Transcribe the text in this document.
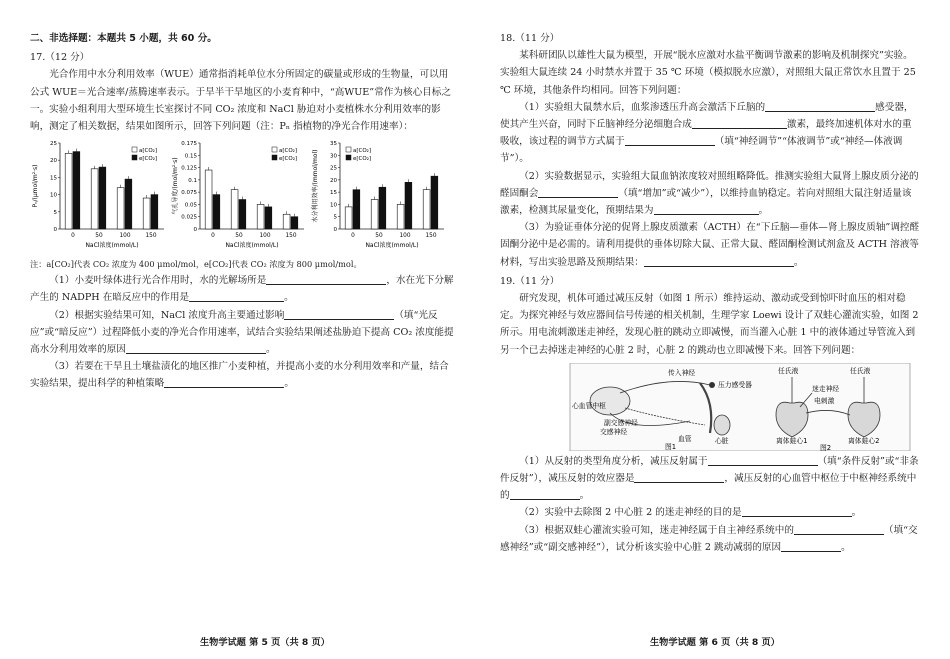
二、非选择题：本题共 5 小题，共 60 分。
17.（12 分）

光合作用中水分利用效率（WUE）通常指消耗单位水分所固定的碳量或形成的生物量，可以用公式 WUE＝光合速率/蒸腾速率表示。于旱半干旱地区的小麦育种中，“高WUE”常作为核心目标之一。实验小组利用大型环境生长室探讨不同 CO₂ 浓度和 NaCl 胁迫对小麦植株水分利用效率的影响，测定了相关数据，结果如图所示，回答下列问题（注：Pₙ 指植物的净光合作用速率）：

0
5
10
15
20
25
Pₙ/(μmol/m²·s)
0	50	100	150
NaCl浓度(mmol/L)
a[CO₂]
e[CO₂]
0
0.025
0.05
0.075
0.1
0.125
0.15
0.175
气孔导度/(mol/m²·s)
0	50	100	150
NaCl浓度(mmol/L)
a[CO₂]
e[CO₂]
0
5
10
15
20
25
30
35
水分利用效率/(mmol/mol)
0	50	100	150
NaCl浓度(mmol/L)
a[CO₂]
e[CO₂]
注：a[CO₂]代表 CO₂ 浓度为 400 μmol/mol，e[CO₂]代表 CO₂ 浓度为 800 μmol/mol。

（1）小麦叶绿体进行光合作用时，水的光解场所是	，水在光下分解产生的 NADPH 在暗反应中的作用是	。

（2）根据实验结果可知，NaCl 浓度升高主要通过影响	（填“光反应”或“暗反应”）过程降低小麦的净光合作用速率，试结合实验结果阐述盐胁迫下提高 CO₂ 浓度能提高水分利用效率的原因	。

（3）若要在干旱且土壤盐渍化的地区推广小麦种植，并提高小麦的水分利用效率和产量，结合实验结果，提出科学的种植策略	。

生物学试题 第 5 页（共 8 页）
18.（11 分）

某科研团队以雄性大鼠为模型，开展“脱水应激对水盐平衡调节激素的影响及机制探究”实验。实验组大鼠连续 24 小时禁水并置于 35 ℃ 环境（模拟脱水应激），对照组大鼠正常饮水且置于 25 ℃ 环境，其他条件均相同。回答下列问题：

（1）实验组大鼠禁水后，血浆渗透压升高会激活下丘脑的	感受器，使其产生兴奋，同时下丘脑神经分泌细胞合成	激素，最终加速机体对水的重吸收，该过程的调节方式属于	（填“神经调节”“体液调节”或“神经—体液调节”）。

（2）实验数据显示，实验组大鼠血钠浓度较对照组略降低。推测实验组大鼠肾上腺皮质分泌的醛固酮会	（填“增加”或“减少”），以维持血钠稳定。若向对照组大鼠注射适量该激素，检测其尿量变化，预期结果为	。

（3）为验证垂体分泌的促肾上腺皮质激素（ACTH）在“下丘脑—垂体—肾上腺皮质轴”调控醛固酮分泌中是必需的。请利用提供的垂体切除大鼠、正常大鼠、醛固酮检测试剂盒及 ACTH 溶液等材料，写出实验思路及预期结果：	。

19.（11 分）

研究发现，机体可通过减压反射（如图 1 所示）维持运动、激动或受到惊吓时血压的相对稳定。为探究神经与效应器间信号传递的相关机制，生理学家 Loewi 设计了双蛙心灌流实验，如图 2 所示。用电流刺激迷走神经，发现心脏的跳动立即减慢，而当灌入心脏 1 中的液体通过导管流入到另一个已去掉迷走神经的心脏 2 时，心脏 2 的跳动也立即减慢下来。回答下列问题：

传入神经
压力感受器
心血管中枢
副交感神经
交感神经
血管	心脏
图1
任氏液	任氏液
迷走神经
电刺激
离体蛙心1	离体蛙心2
图2

（1）从反射的类型角度分析，减压反射属于	（填“条件反射”或“非条件反射”），减压反射的效应器是	，减压反射的心血管中枢位于中枢神经系统中的	。

（2）实验中去除图 2 中心脏 2 的迷走神经的目的是	。

（3）根据双蛙心灌流实验可知，迷走神经属于自主神经系统中的	（填“交感神经”或“副交感神经”），试分析该实验中心脏 2 跳动减弱的原因	。

生物学试题 第 6 页（共 8 页）
